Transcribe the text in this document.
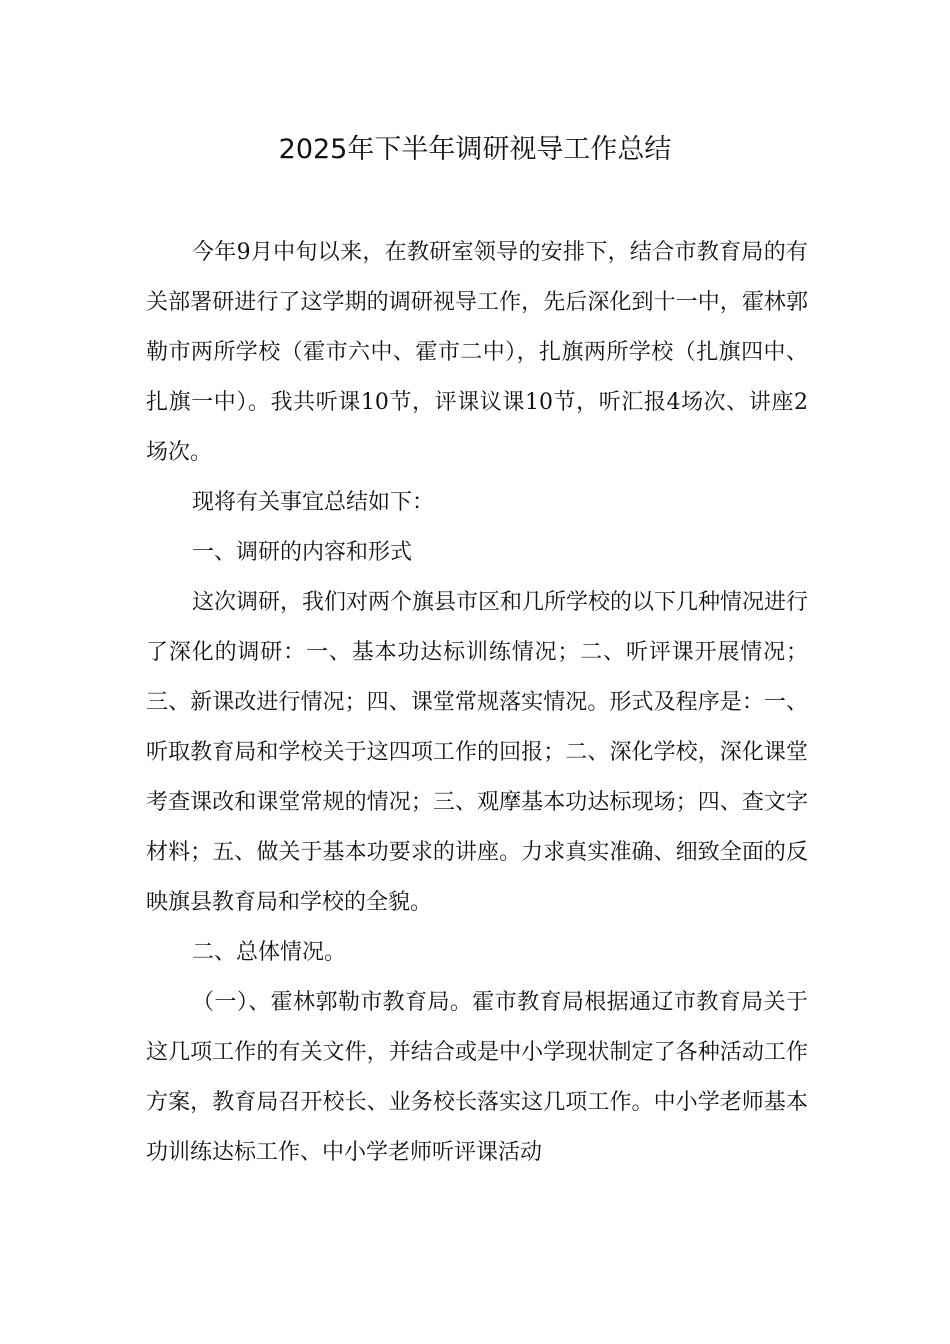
2025年下半年调研视导工作总结

今年9月中旬以来，在教研室领导的安排下，结合市教育局的有关部署研进行了这学期的调研视导工作，先后深化到十一中，霍林郭勒市两所学校（霍市六中、霍市二中），扎旗两所学校（扎旗四中、扎旗一中）。我共听课10节，评课议课10节，听汇报4场次、讲座2场次。

现将有关事宜总结如下：

一、调研的内容和形式

这次调研，我们对两个旗县市区和几所学校的以下几种情况进行了深化的调研：一、基本功达标训练情况；二、听评课开展情况；三、新课改进行情况；四、课堂常规落实情况。形式及程序是：一、听取教育局和学校关于这四项工作的回报；二、深化学校，深化课堂考查课改和课堂常规的情况；三、观摩基本功达标现场；四、查文字材料；五、做关于基本功要求的讲座。力求真实准确、细致全面的反映旗县教育局和学校的全貌。

二、总体情况。

（一）、霍林郭勒市教育局。霍市教育局根据通辽市教育局关于这几项工作的有关文件，并结合或是中小学现状制定了各种活动工作方案，教育局召开校长、业务校长落实这几项工作。中小学老师基本功训练达标工作、中小学老师听评课活动
